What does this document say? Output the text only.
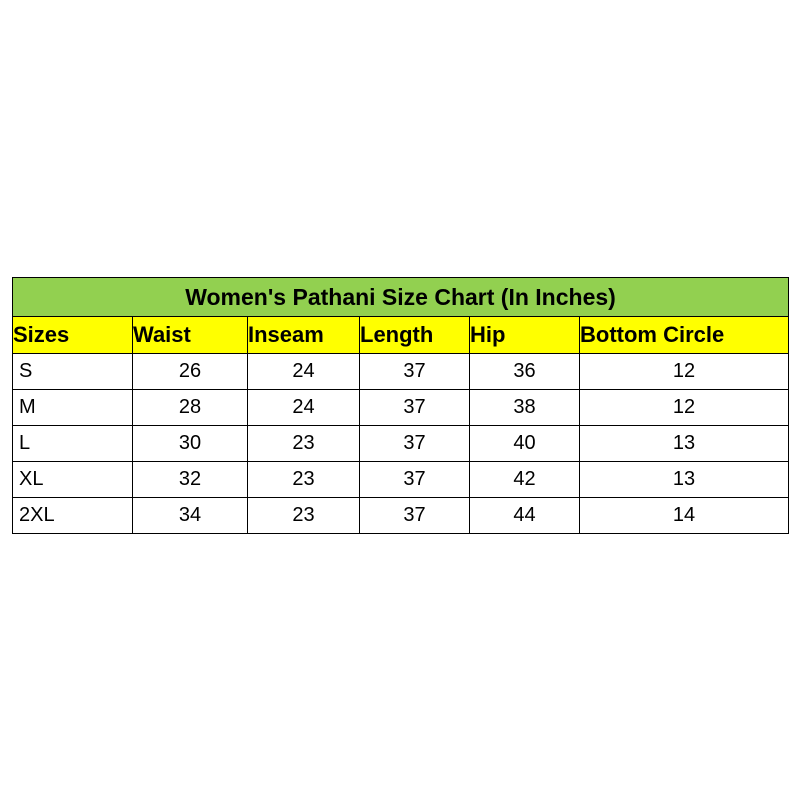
Women's Pathani Size Chart (In Inches)					
Sizes	Waist	Inseam	Length	Hip	Bottom Circle
S	26	24	37	36	12
M	28	24	37	38	12
L	30	23	37	40	13
XL	32	23	37	42	13
2XL	34	23	37	44	14
